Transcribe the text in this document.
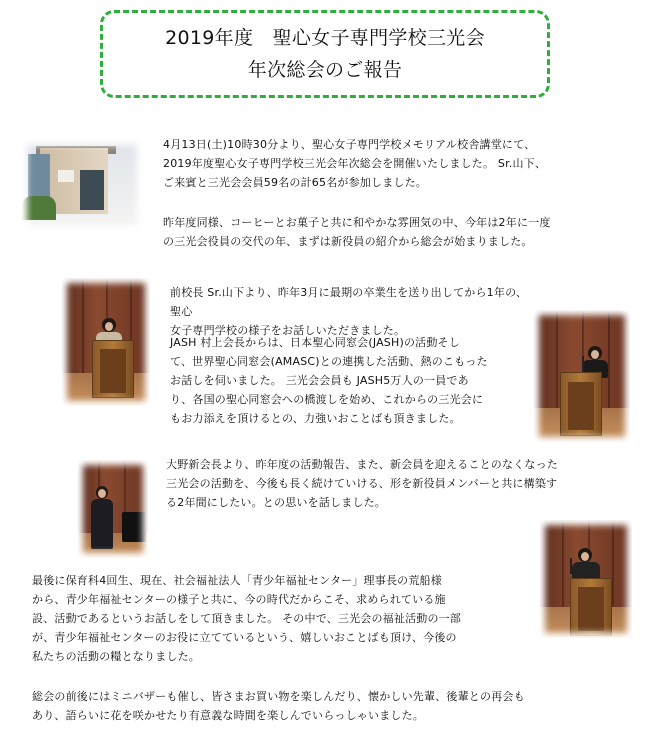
2019年度　聖心女子専門学校三光会
年次総会のご報告
4月13日(土)10時30分より、聖心女子専門学校メモリアル校舎講堂にて、
2019年度聖心女子専門学校三光会年次総会を開催いたしました。 Sr.山下、
ご来賓と三光会会員59名の計65名が参加しました。
昨年度同様、コーヒーとお菓子と共に和やかな雰囲気の中、今年は2年に一度
の三光会役員の交代の年、まずは新役員の紹介から総会が始まりました。
前校長 Sr.山下より、昨年3月に最期の卒業生を送り出してから1年の、聖心
女子専門学校の様子をお話しいただきました。
JASH 村上会長からは、日本聖心同窓会(JASH)の活動そし
て、世界聖心同窓会(AMASC)との連携した活動、熱のこもった
お話しを伺いました。 三光会会員も JASH5万人の一員であ
り、各国の聖心同窓会への橋渡しを始め、これからの三光会に
もお力添えを頂けるとの、力強いおことばも頂きました。
大野新会長より、昨年度の活動報告、また、新会員を迎えることのなくなった
三光会の活動を、今後も長く続けていける、形を新役員メンバーと共に構築す
る2年間にしたい。との思いを話しました。
最後に保育科4回生、現在、社会福祉法人「青少年福祉センター」理事長の荒船様
から、青少年福祉センターの様子と共に、今の時代だからこそ、求められている施
設、活動であるというお話しをして頂きました。 その中で、三光会の福祉活動の一部
が、青少年福祉センターのお役に立てているという、嬉しいおことばも頂け、今後の
私たちの活動の糧となりました。
総会の前後にはミニバザーも催し、皆さまお買い物を楽しんだり、懐かしい先輩、後輩との再会も
あり、語らいに花を咲かせたり有意義な時間を楽しんでいらっしゃいました。
